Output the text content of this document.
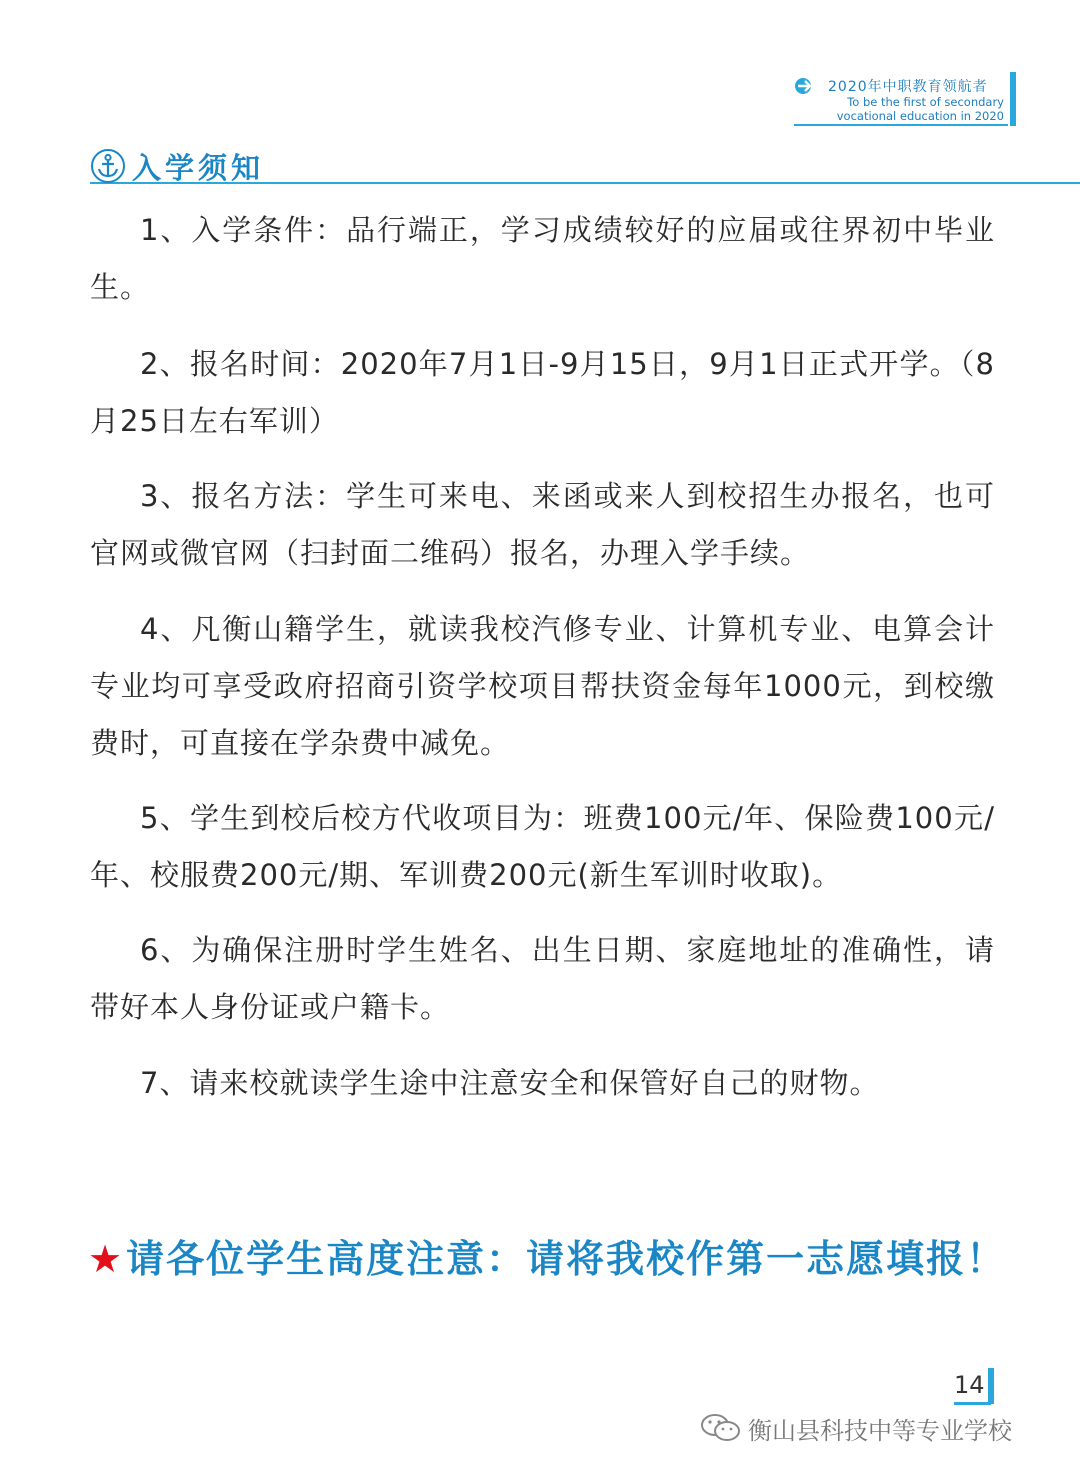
2020年中职教育领航者
To be the first of secondary
vocational education in 2020
入学须知

1、入学条件：品行端正，学习成绩较好的应届或往界初中毕业生。

2、报名时间：2020年7月1日-9月15日，9月1日正式开学。（8月25日左右军训）

3、报名方法：学生可来电、来函或来人到校招生办报名，也可官网或微官网（扫封面二维码）报名，办理入学手续。

4、凡衡山籍学生，就读我校汽修专业、计算机专业、电算会计专业均可享受政府招商引资学校项目帮扶资金每年1000元，到校缴费时，可直接在学杂费中减免。

5、学生到校后校方代收项目为：班费100元/年、保险费100元/年、校服费200元/期、军训费200元(新生军训时收取)。

6、为确保注册时学生姓名、出生日期、家庭地址的准确性，请带好本人身份证或户籍卡。

7、请来校就读学生途中注意安全和保管好自己的财物。

★请各位学生高度注意：请将我校作第一志愿填报！
14
衡山县科技中等专业学校
